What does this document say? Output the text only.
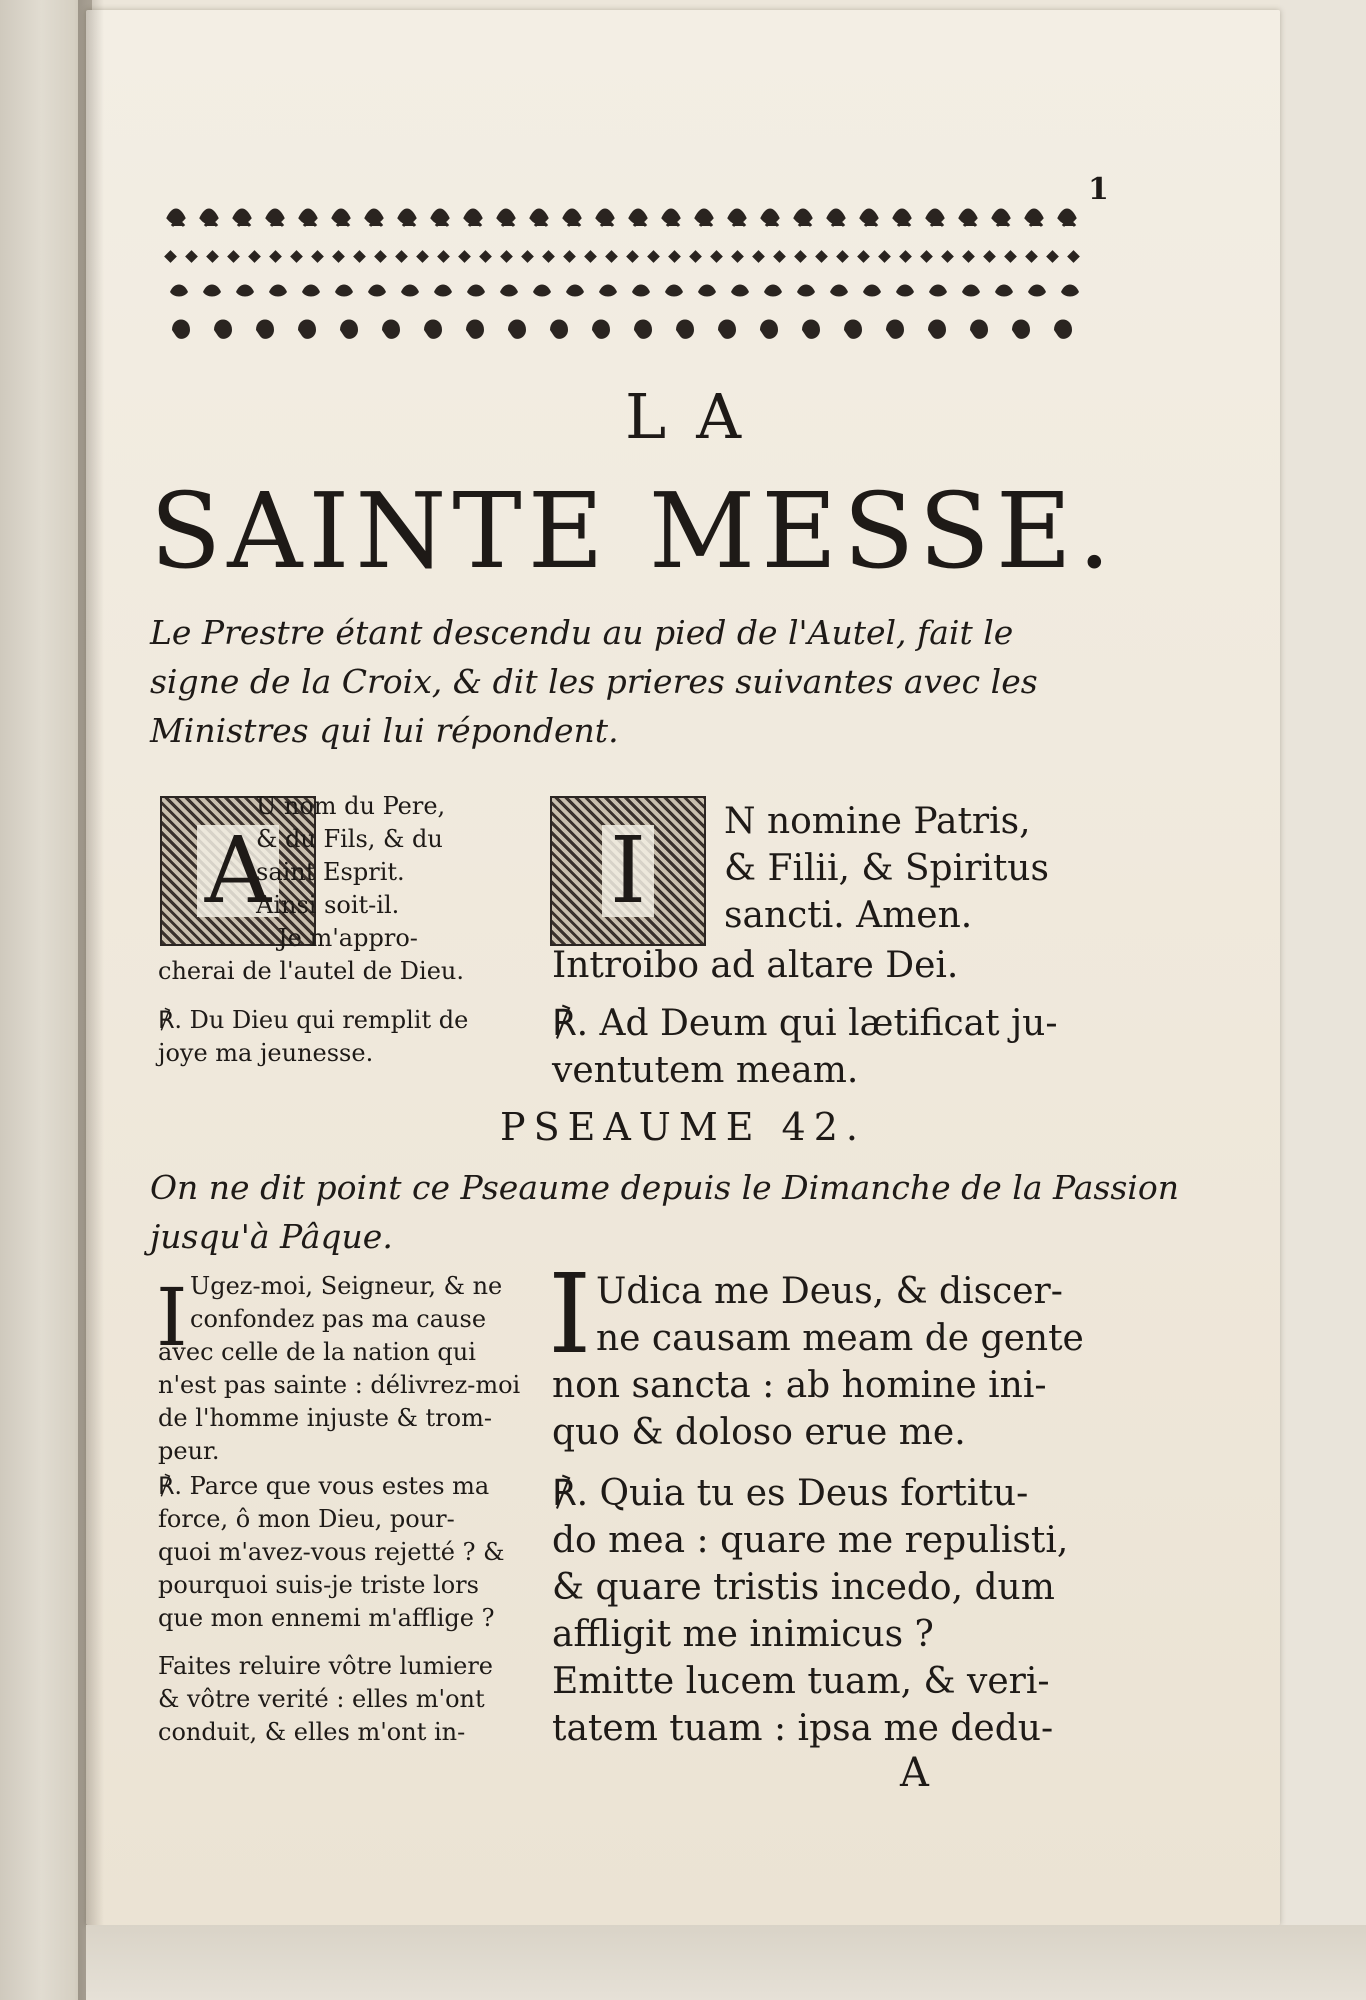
1
LA
SAINTE MESSE.
Le Prestre étant descendu au pied de l'Autel, fait le
signe de la Croix, & dit les prieres suivantes avec les
Ministres qui lui répondent.
A
U nom du Pere,
& du Fils, & du
saint Esprit.
Ainsi soit-il.
Je m'appro-
cherai de l'autel de Dieu.
℟. Du Dieu qui remplit de
joye ma jeunesse.
I N nomine Patris,
& Filii, & Spiritus
sancti. Amen.
Introibo ad altare Dei.
℟. Ad Deum qui lætificat ju-
ventutem meam.
PSEAUME 42.
On ne dit point ce Pseaume depuis le Dimanche de la Passion
jusqu'à Pâque.
I Ugez-moi, Seigneur, & ne
confondez pas ma cause
avec celle de la nation qui
n'est pas sainte : délivrez-moi
de l'homme injuste & trom-
peur.
℟. Parce que vous estes ma
force, ô mon Dieu, pour-
quoi m'avez-vous rejetté ? &
pourquoi suis-je triste lors
que mon ennemi m'afflige ?
Faites reluire vôtre lumiere
& vôtre verité : elles m'ont
conduit, & elles m'ont in-
I Udica me Deus, & discer-
ne causam meam de gente
non sancta : ab homine ini-
quo & doloso erue me.
℟. Quia tu es Deus fortitu-
do mea : quare me repulisti,
& quare tristis incedo, dum
affligit me inimicus ?
Emitte lucem tuam, & veri-
tatem tuam : ipsa me dedu-
A
